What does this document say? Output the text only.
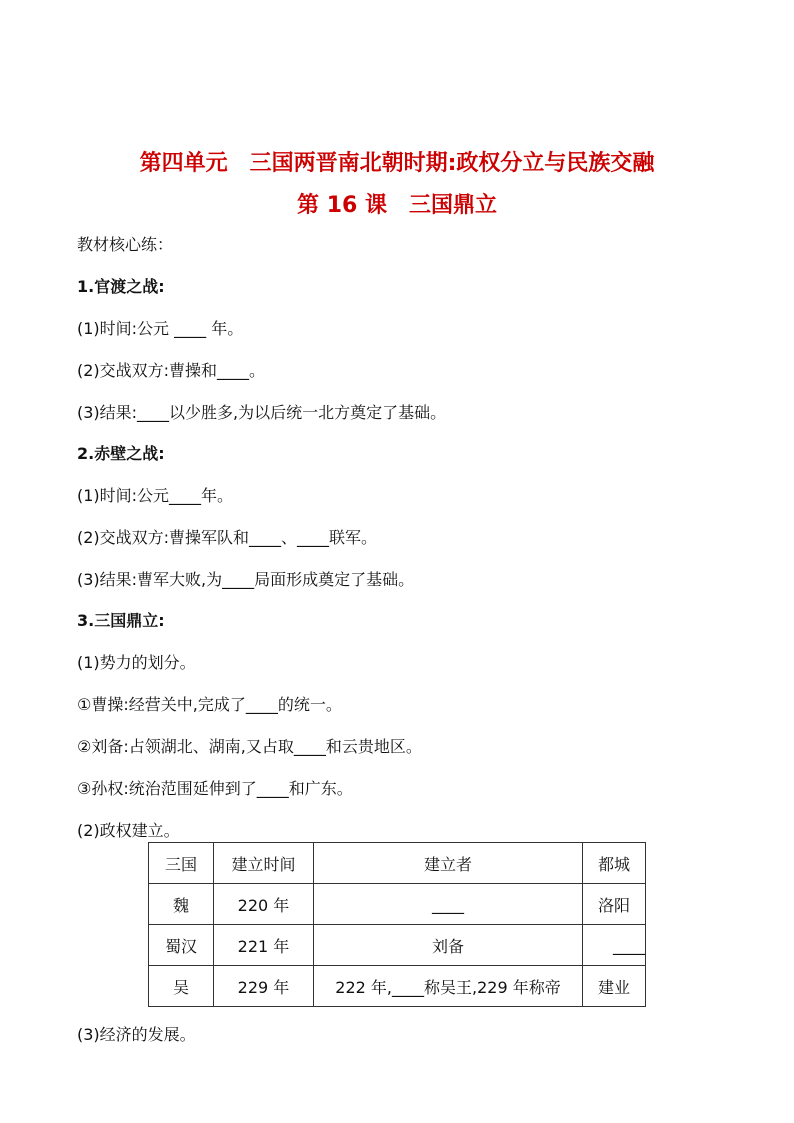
第四单元　三国两晋南北朝时期:政权分立与民族交融
第 16 课　三国鼎立
教材核心练：
1.官渡之战:
(1)时间:公元 ____ 年。
(2)交战双方:曹操和____。
(3)结果:____以少胜多,为以后统一北方奠定了基础。
2.赤壁之战:
(1)时间:公元____年。
(2)交战双方:曹操军队和____、____联军。
(3)结果:曹军大败,为____局面形成奠定了基础。
3.三国鼎立:
(1)势力的划分。
①曹操:经营关中,完成了____的统一。
②刘备:占领湖北、湖南,又占取____和云贵地区。
③孙权:统治范围延伸到了____和广东。
(2)政权建立。
三国	建立时间	建立者	都城
魏	220 年	____	洛阳
蜀汉	221 年	刘备	____
吴	229 年	222 年,____称吴王,229 年称帝	建业
(3)经济的发展。
